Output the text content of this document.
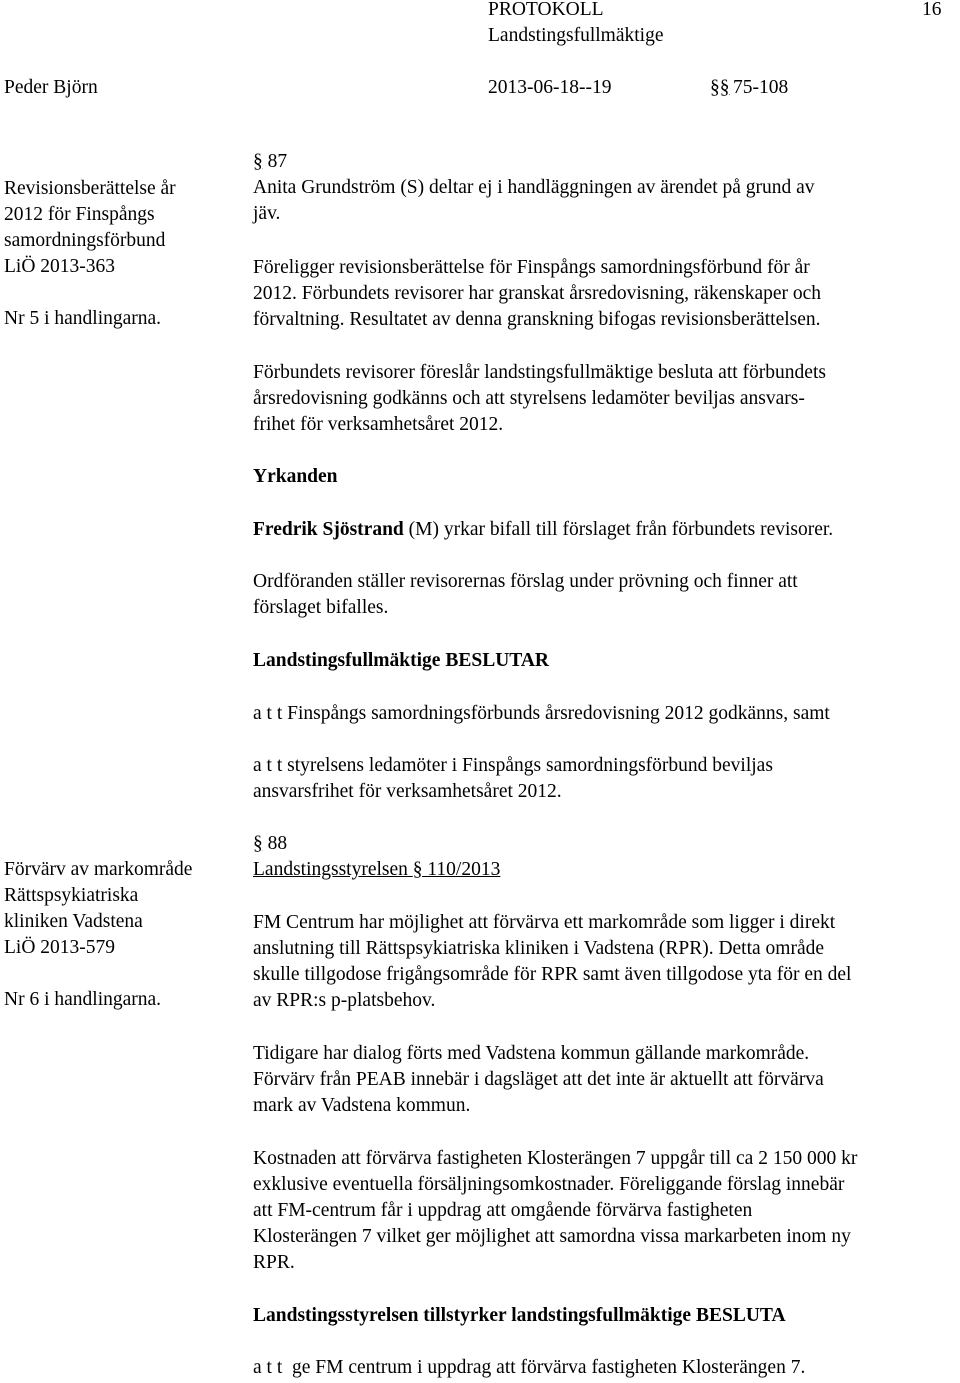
PROTOKOLL	16
Landstingsfullmäktige
Peder Björn	2013-06-18--19	§§ 75-108
Revisionsberättelse år
2012 för Finspångs
samordningsförbund
LiÖ 2013-363
Nr 5 i handlingarna.
§ 87
Anita Grundström (S) deltar ej i handläggningen av ärendet på grund av
jäv.
Föreligger revisionsberättelse för Finspångs samordningsförbund för år
2012. Förbundets revisorer har granskat årsredovisning, räkenskaper och
förvaltning. Resultatet av denna granskning bifogas revisionsberättelsen.
Förbundets revisorer föreslår landstingsfullmäktige besluta att förbundets
årsredovisning godkänns och att styrelsens ledamöter beviljas ansvars-
frihet för verksamhetsåret 2012.
Yrkanden
Fredrik Sjöstrand (M) yrkar bifall till förslaget från förbundets revisorer.
Ordföranden ställer revisorernas förslag under prövning och finner att
förslaget bifalles.
Landstingsfullmäktige BESLUTAR
a t t Finspångs samordningsförbunds årsredovisning 2012 godkänns, samt
a t t styrelsens ledamöter i Finspångs samordningsförbund beviljas
ansvarsfrihet för verksamhetsåret 2012.
Förvärv av markområde
Rättspsykiatriska
kliniken Vadstena
LiÖ 2013-579
Nr 6 i handlingarna.
§ 88
Landstingsstyrelsen § 110/2013
FM Centrum har möjlighet att förvärva ett markområde som ligger i direkt
anslutning till Rättspsykiatriska kliniken i Vadstena (RPR). Detta område
skulle tillgodose frigångsområde för RPR samt även tillgodose yta för en del
av RPR:s p-platsbehov.
Tidigare har dialog förts med Vadstena kommun gällande markområde.
Förvärv från PEAB innebär i dagsläget att det inte är aktuellt att förvärva
mark av Vadstena kommun.
Kostnaden att förvärva fastigheten Klosterängen 7 uppgår till ca 2 150 000 kr
exklusive eventuella försäljningsomkostnader. Föreliggande förslag innebär
att FM-centrum får i uppdrag att omgående förvärva fastigheten
Klosterängen 7 vilket ger möjlighet att samordna vissa markarbeten inom ny
RPR.
Landstingsstyrelsen tillstyrker landstingsfullmäktige BESLUTA
a t t  ge FM centrum i uppdrag att förvärva fastigheten Klosterängen 7.
